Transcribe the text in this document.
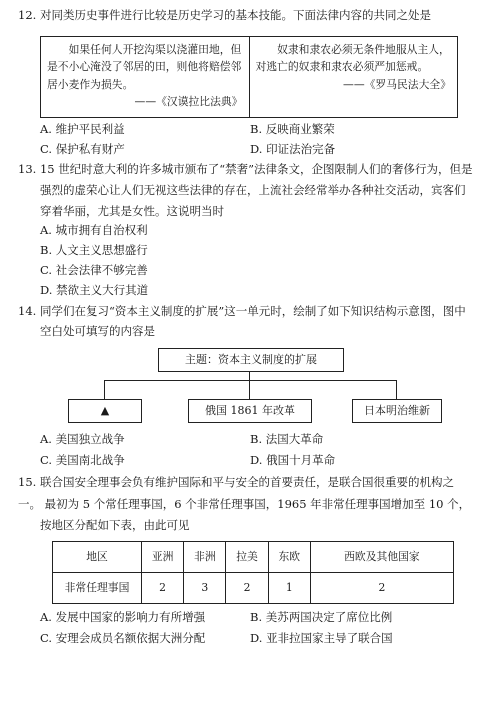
12. 对同类历史事件进行比较是历史学习的基本技能。下面法律内容的共同之处是
如果任何人开挖沟渠以浇灌田地，但是不小心淹没了邻居的田，则他将赔偿邻居小麦作为损失。
——《汉谟拉比法典》
奴隶和隶农必须无条件地服从主人，对逃亡的奴隶和隶农必须严加惩戒。
——《罗马民法大全》
A. 维护平民利益	B. 反映商业繁荣
C. 保护私有财产	D. 印证法治完备
13. 15 世纪时意大利的许多城市颁布了“禁奢”法律条文，企图限制人们的奢侈行为，但是
强烈的虚荣心让人们无视这些法律的存在，上流社会经常举办各种社交活动，宾客们
穿着华丽，尤其是女性。这说明当时
A. 城市拥有自治权利
B. 人文主义思想盛行
C. 社会法律不够完善
D. 禁欲主义大行其道
14. 同学们在复习“资本主义制度的扩展”这一单元时，绘制了如下知识结构示意图，图中
空白处可填写的内容是
主题：资本主义制度的扩展
▲	俄国 1861 年改革	日本明治维新
A. 美国独立战争	B. 法国大革命
C. 美国南北战争	D. 俄国十月革命
15. 联合国安全理事会负有维护国际和平与安全的首要责任，是联合国很重要的机构之
一。 最初为 5 个常任理事国，6 个非常任理事国，1965 年非常任理事国增加至 10 个，
按地区分配如下表，由此可见
地区	亚洲	非洲	拉美	东欧	西欧及其他国家
非常任理事国	2	3	2	1	2
A. 发展中国家的影响力有所增强	B. 美苏两国决定了席位比例
C. 安理会成员名额依据大洲分配	D. 亚非拉国家主导了联合国
